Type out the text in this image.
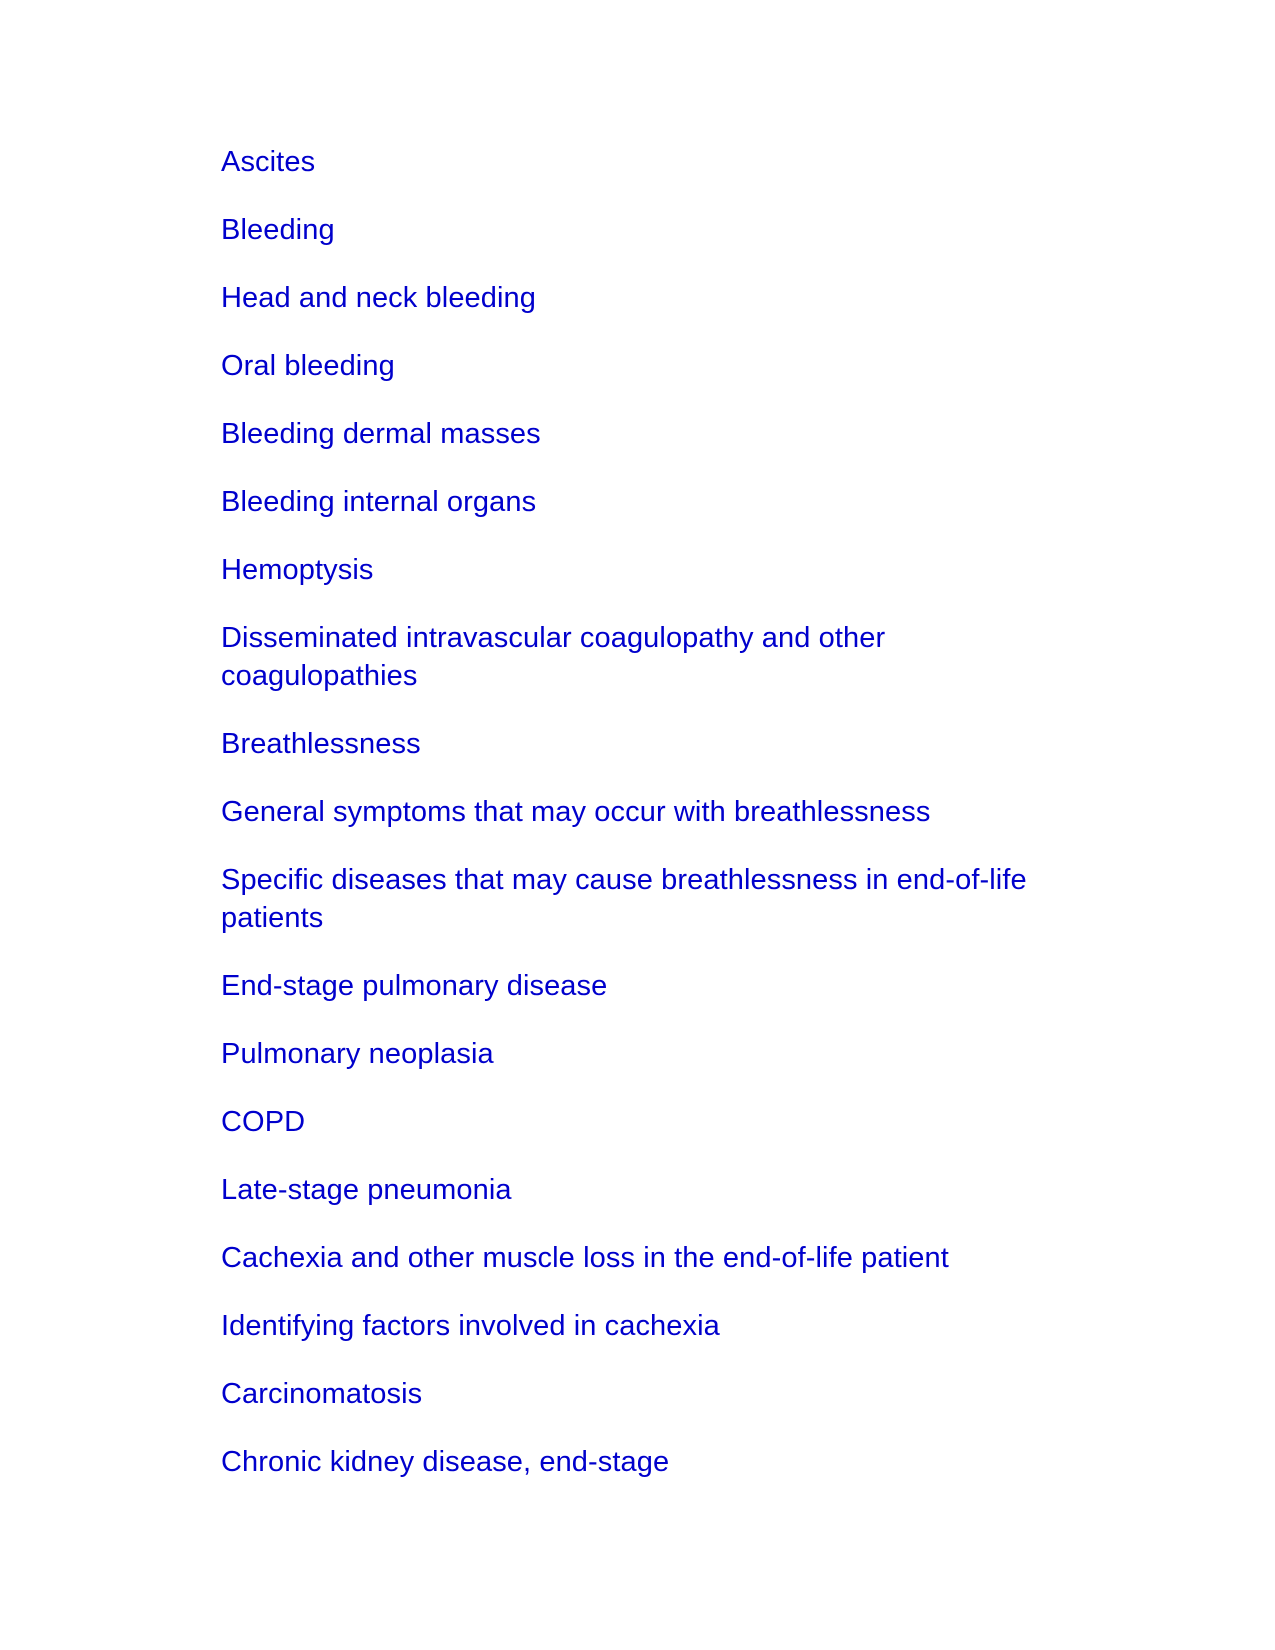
Ascites
Bleeding
Head and neck bleeding
Oral bleeding
Bleeding dermal masses
Bleeding internal organs
Hemoptysis
Disseminated intravascular coagulopathy and other coagulopathies
Breathlessness
General symptoms that may occur with breathlessness
Specific diseases that may cause breathlessness in end-of-life patients
End-stage pulmonary disease
Pulmonary neoplasia
COPD
Late-stage pneumonia
Cachexia and other muscle loss in the end-of-life patient
Identifying factors involved in cachexia
Carcinomatosis
Chronic kidney disease, end-stage
